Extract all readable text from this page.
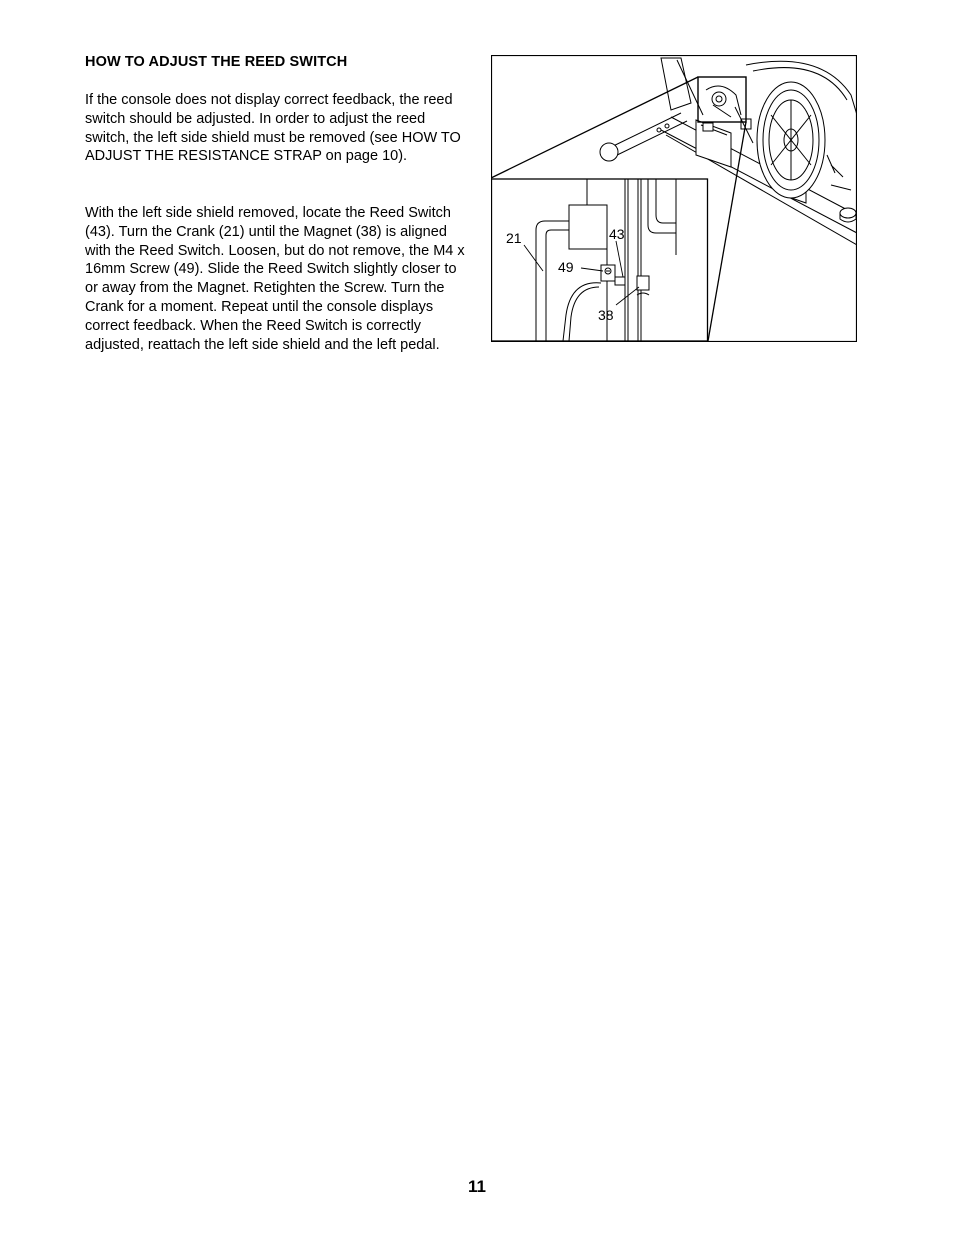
HOW TO ADJUST THE REED SWITCH

If the console does not display correct feedback, the reed switch should be adjusted. In order to adjust the reed switch, the left side shield must be removed (see HOW TO ADJUST THE RESISTANCE STRAP on page 10).

With the left side shield removed, locate the Reed Switch (43). Turn the Crank (21) until the Magnet (38) is aligned with the Reed Switch. Loosen, but do not remove, the M4 x 16mm Screw (49). Slide the Reed Switch slightly closer to or away from the Magnet. Retighten the Screw. Turn the Crank for a moment. Repeat until the console displays correct feedback. When the Reed Switch is correctly adjusted, reattach the left side shield and the left pedal.

21	43
49
38
11
